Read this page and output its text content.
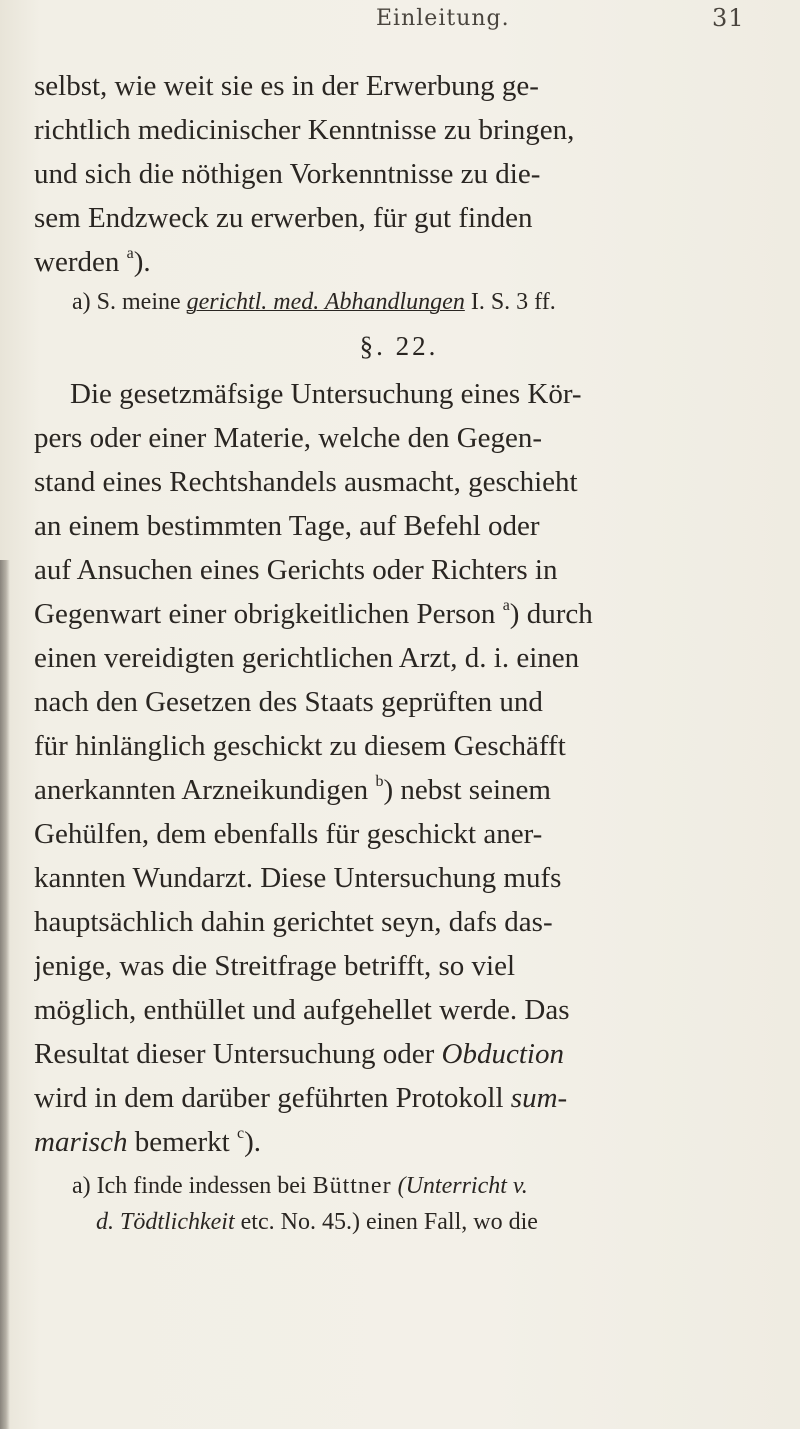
Einleitung.	31
selbst, wie weit sie es in der Erwerbung ge-
richtlich medicinischer Kenntnisse zu bringen,
und sich die nöthigen Vorkenntnisse zu die-
sem Endzweck zu erwerben, für gut finden
werden $^a$).
a) S. meine gerichtl. med. Abhandlungen I. S. 3 ff.
§. 22.
Die gesetzmäfsige Untersuchung eines Kör-
pers oder einer Materie, welche den Gegen-
stand eines Rechtshandels ausmacht, geschieht
an einem bestimmten Tage, auf Befehl oder
auf Ansuchen eines Gerichts oder Richters in
Gegenwart einer obrigkeitlichen Person $^a$) durch
einen vereidigten gerichtlichen Arzt, d. i. einen
nach den Gesetzen des Staats geprüften und
für hinlänglich geschickt zu diesem Geschäfft
anerkannten Arzneikundigen $^b$) nebst seinem
Gehülfen, dem ebenfalls für geschickt aner-
kannten Wundarzt. Diese Untersuchung mufs
hauptsächlich dahin gerichtet seyn, dafs das-
jenige, was die Streitfrage betrifft, so viel
möglich, enthüllet und aufgehellet werde. Das
Resultat dieser Untersuchung oder Obduction
wird in dem darüber geführten Protokoll sum-
marisch bemerkt $^c$).
a) Ich finde indessen bei Büttner (Unterricht v.
d. Tödtlichkeit etc. No. 45.) einen Fall, wo die
